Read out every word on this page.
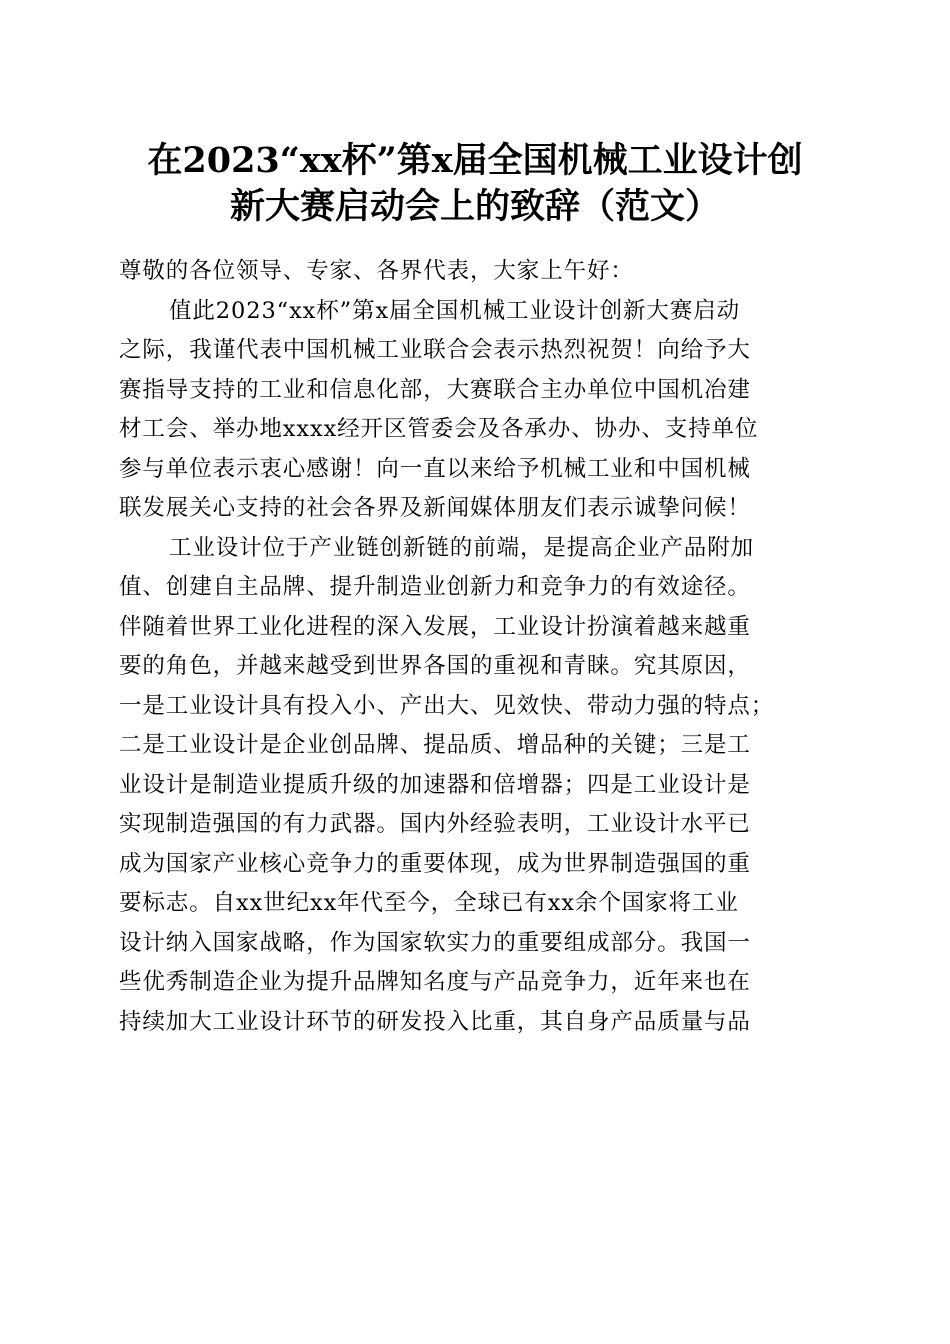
在2023“xx杯”第x届全国机械工业设计创
新大赛启动会上的致辞（范文）
尊敬的各位领导、专家、各界代表，大家上午好：
值此2023“xx杯”第x届全国机械工业设计创新大赛启动
之际，我谨代表中国机械工业联合会表示热烈祝贺！向给予大
赛指导支持的工业和信息化部，大赛联合主办单位中国机冶建
材工会、举办地xxxx经开区管委会及各承办、协办、支持单位
参与单位表示衷心感谢！向一直以来给予机械工业和中国机械
联发展关心支持的社会各界及新闻媒体朋友们表示诚挚问候！
工业设计位于产业链创新链的前端，是提高企业产品附加
值、创建自主品牌、提升制造业创新力和竞争力的有效途径。
伴随着世界工业化进程的深入发展，工业设计扮演着越来越重
要的角色，并越来越受到世界各国的重视和青睐。究其原因，
一是工业设计具有投入小、产出大、见效快、带动力强的特点；
二是工业设计是企业创品牌、提品质、增品种的关键；三是工
业设计是制造业提质升级的加速器和倍增器；四是工业设计是
实现制造强国的有力武器。国内外经验表明，工业设计水平已
成为国家产业核心竞争力的重要体现，成为世界制造强国的重
要标志。自xx世纪xx年代至今，全球已有xx余个国家将工业
设计纳入国家战略，作为国家软实力的重要组成部分。我国一
些优秀制造企业为提升品牌知名度与产品竞争力，近年来也在
持续加大工业设计环节的研发投入比重，其自身产品质量与品
